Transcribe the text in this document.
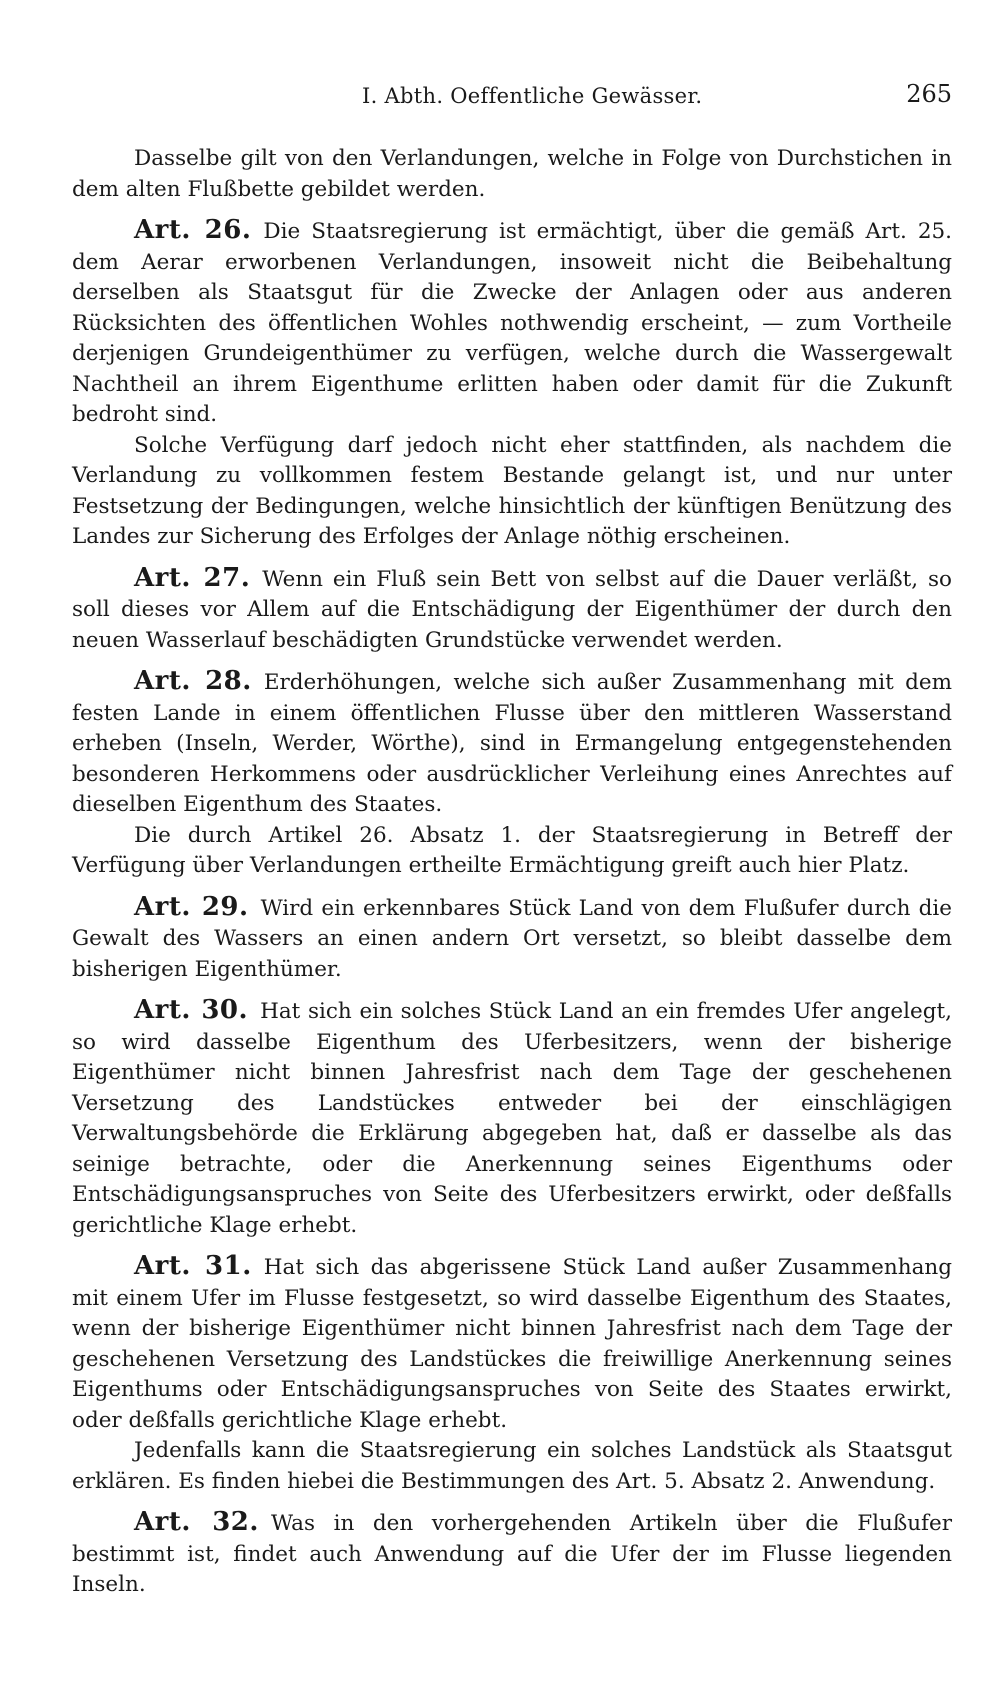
I. Abth. Oeffentliche Gewässer.	265

Dasselbe gilt von den Verlandungen, welche in Folge von Durchstichen in dem alten Flußbette gebildet werden.

Art. 26. Die Staatsregierung ist ermächtigt, über die gemäß Art. 25. dem Aerar erworbenen Verlandungen, insoweit nicht die Beibehaltung derselben als Staatsgut für die Zwecke der Anlagen oder aus anderen Rücksichten des öffentlichen Wohles nothwendig erscheint, — zum Vortheile derjenigen Grundeigenthümer zu verfügen, welche durch die Wassergewalt Nachtheil an ihrem Eigenthume erlitten haben oder damit für die Zukunft bedroht sind.

Solche Verfügung darf jedoch nicht eher stattfinden, als nachdem die Verlandung zu vollkommen festem Bestande gelangt ist, und nur unter Festsetzung der Bedingungen, welche hinsichtlich der künftigen Benützung des Landes zur Sicherung des Erfolges der Anlage nöthig erscheinen.

Art. 27. Wenn ein Fluß sein Bett von selbst auf die Dauer verläßt, so soll dieses vor Allem auf die Entschädigung der Eigenthümer der durch den neuen Wasserlauf beschädigten Grundstücke verwendet werden.

Art. 28. Erderhöhungen, welche sich außer Zusammenhang mit dem festen Lande in einem öffentlichen Flusse über den mittleren Wasserstand erheben (Inseln, Werder, Wörthe), sind in Ermangelung entgegenstehenden besonderen Herkommens oder ausdrücklicher Verleihung eines Anrechtes auf dieselben Eigenthum des Staates.

Die durch Artikel 26. Absatz 1. der Staatsregierung in Betreff der Verfügung über Verlandungen ertheilte Ermächtigung greift auch hier Platz.

Art. 29. Wird ein erkennbares Stück Land von dem Flußufer durch die Gewalt des Wassers an einen andern Ort versetzt, so bleibt dasselbe dem bisherigen Eigenthümer.

Art. 30. Hat sich ein solches Stück Land an ein fremdes Ufer angelegt, so wird dasselbe Eigenthum des Uferbesitzers, wenn der bisherige Eigenthümer nicht binnen Jahresfrist nach dem Tage der geschehenen Versetzung des Landstückes entweder bei der einschlägigen Verwaltungsbehörde die Erklärung abgegeben hat, daß er dasselbe als das seinige betrachte, oder die Anerkennung seines Eigenthums oder Entschädigungsanspruches von Seite des Uferbesitzers erwirkt, oder deßfalls gerichtliche Klage erhebt.

Art. 31. Hat sich das abgerissene Stück Land außer Zusammenhang mit einem Ufer im Flusse festgesetzt, so wird dasselbe Eigenthum des Staates, wenn der bisherige Eigenthümer nicht binnen Jahresfrist nach dem Tage der geschehenen Versetzung des Landstückes die freiwillige Anerkennung seines Eigenthums oder Entschädigungsanspruches von Seite des Staates erwirkt, oder deßfalls gerichtliche Klage erhebt.

Jedenfalls kann die Staatsregierung ein solches Landstück als Staatsgut erklären. Es finden hiebei die Bestimmungen des Art. 5. Absatz 2. Anwendung.

Art. 32. Was in den vorhergehenden Artikeln über die Flußufer bestimmt ist, findet auch Anwendung auf die Ufer der im Flusse liegenden Inseln.
